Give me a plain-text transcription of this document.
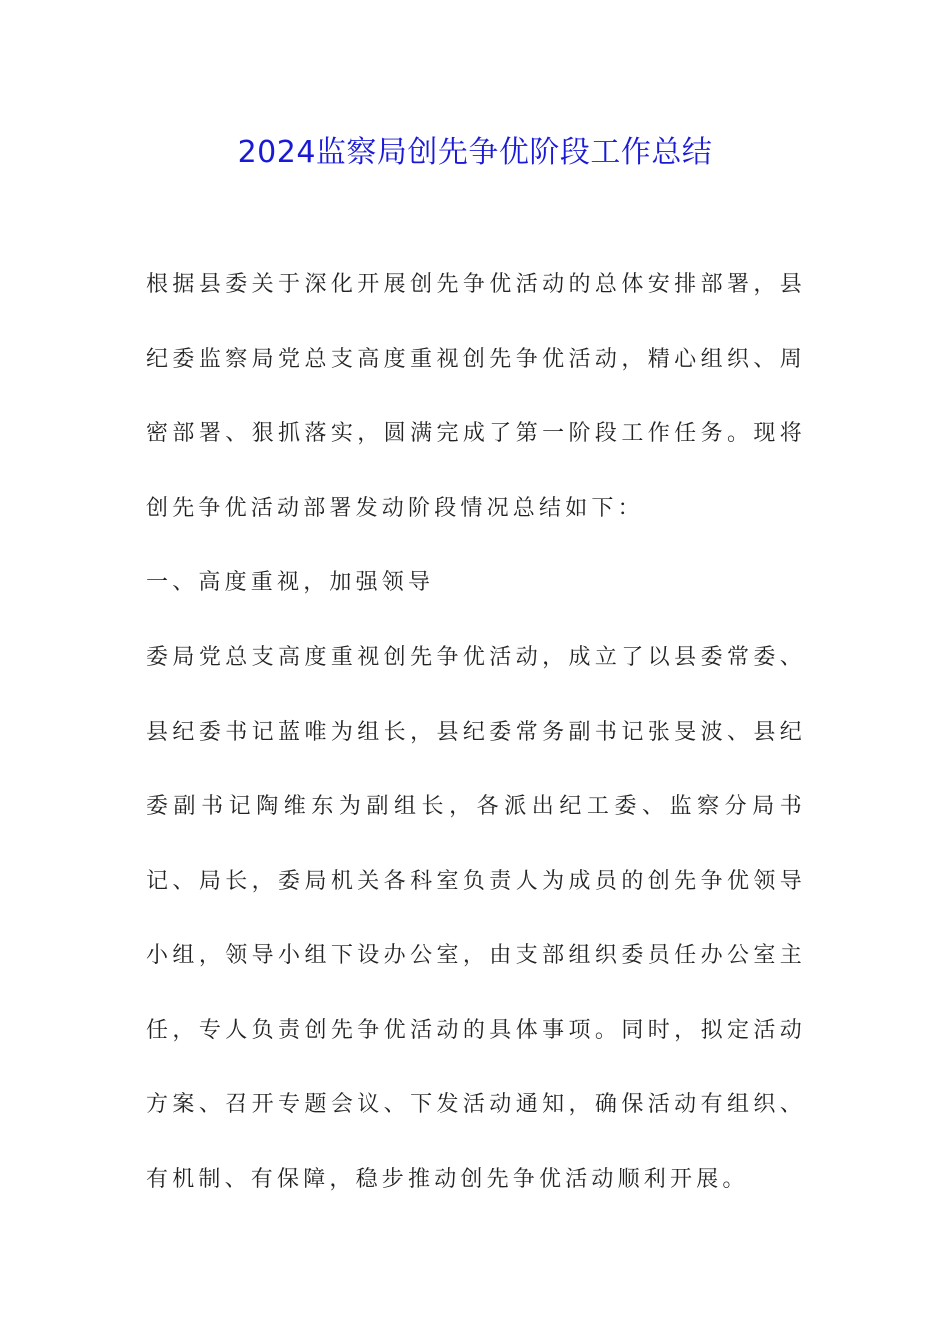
2024监察局创先争优阶段工作总结

根据县委关于深化开展创先争优活动的总体安排部署，县纪委监察局党总支高度重视创先争优活动，精心组织、周密部署、狠抓落实，圆满完成了第一阶段工作任务。现将创先争优活动部署发动阶段情况总结如下：

一、高度重视，加强领导

委局党总支高度重视创先争优活动，成立了以县委常委、县纪委书记蓝唯为组长，县纪委常务副书记张旻波、县纪委副书记陶维东为副组长，各派出纪工委、监察分局书记、局长，委局机关各科室负责人为成员的创先争优领导小组，领导小组下设办公室，由支部组织委员任办公室主任，专人负责创先争优活动的具体事项。同时，拟定活动方案、召开专题会议、下发活动通知，确保活动有组织、有机制、有保障，稳步推动创先争优活动顺利开展。
